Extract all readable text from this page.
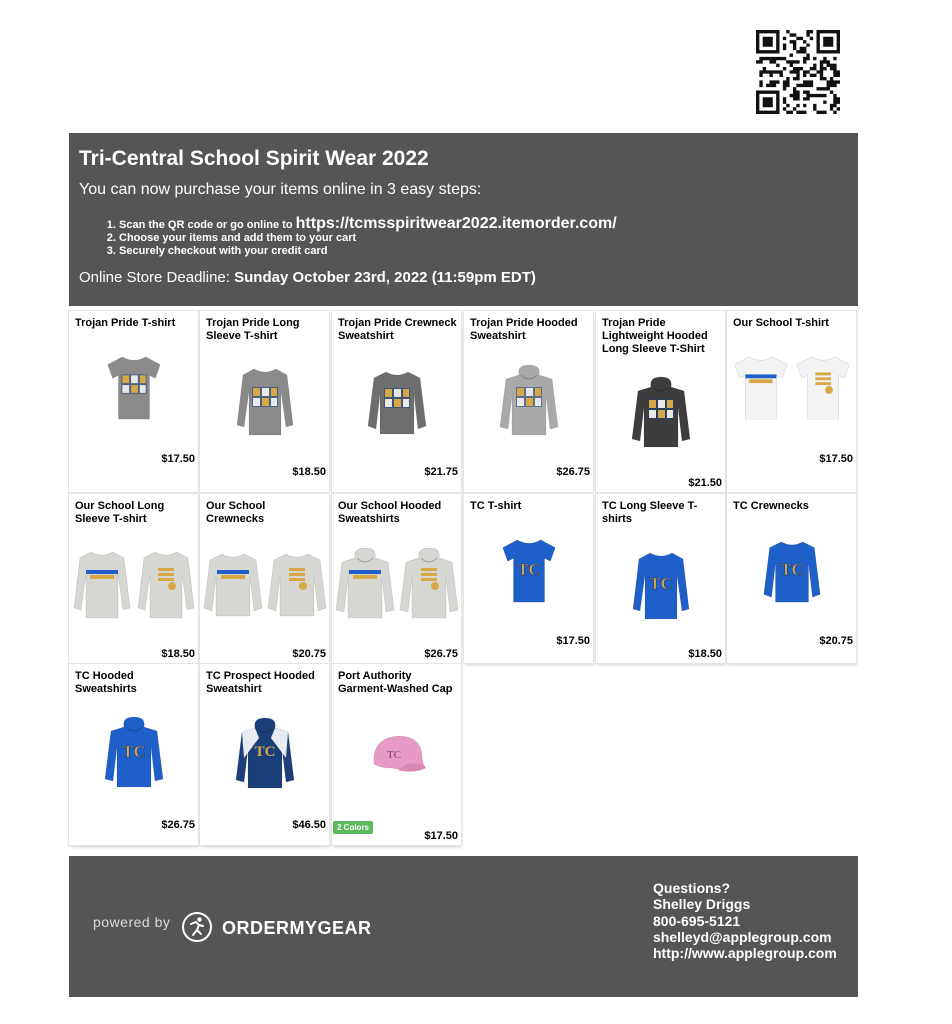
Tri-Central School Spirit Wear 2022
You can now purchase your items online in 3 easy steps:
1. Scan the QR code or go online to https://tcmsspiritwear2022.itemorder.com/
2. Choose your items and add them to your cart
3. Securely checkout with your credit card
Online Store Deadline: Sunday October 23rd, 2022 (11:59pm EDT)
Trojan Pride T-shirt
$17.50
Trojan Pride Long Sleeve T-shirt
$18.50
Trojan Pride Crewneck Sweatshirt
$21.75
Trojan Pride Hooded Sweatshirt
$26.75
Trojan Pride Lightweight Hooded Long Sleeve T-Shirt
$21.50
Our School T-shirt
$17.50
Our School Long Sleeve T-shirt
$18.50
Our School Crewnecks
$20.75
Our School Hooded Sweatshirts
$26.75
TC T-shirt
TC
$17.50
TC Long Sleeve T-shirts
TC
$18.50
TC Crewnecks
TC
$20.75
TC Hooded Sweatshirts
TC
$26.75
TC Prospect Hooded Sweatshirt
TC
$46.50
Port Authority Garment-Washed Cap
TC
2 Colors
$17.50
powered by	ORDERMYGEAR
Questions?
Shelley Driggs
800-695-5121
shelleyd@applegroup.com
http://www.applegroup.com
